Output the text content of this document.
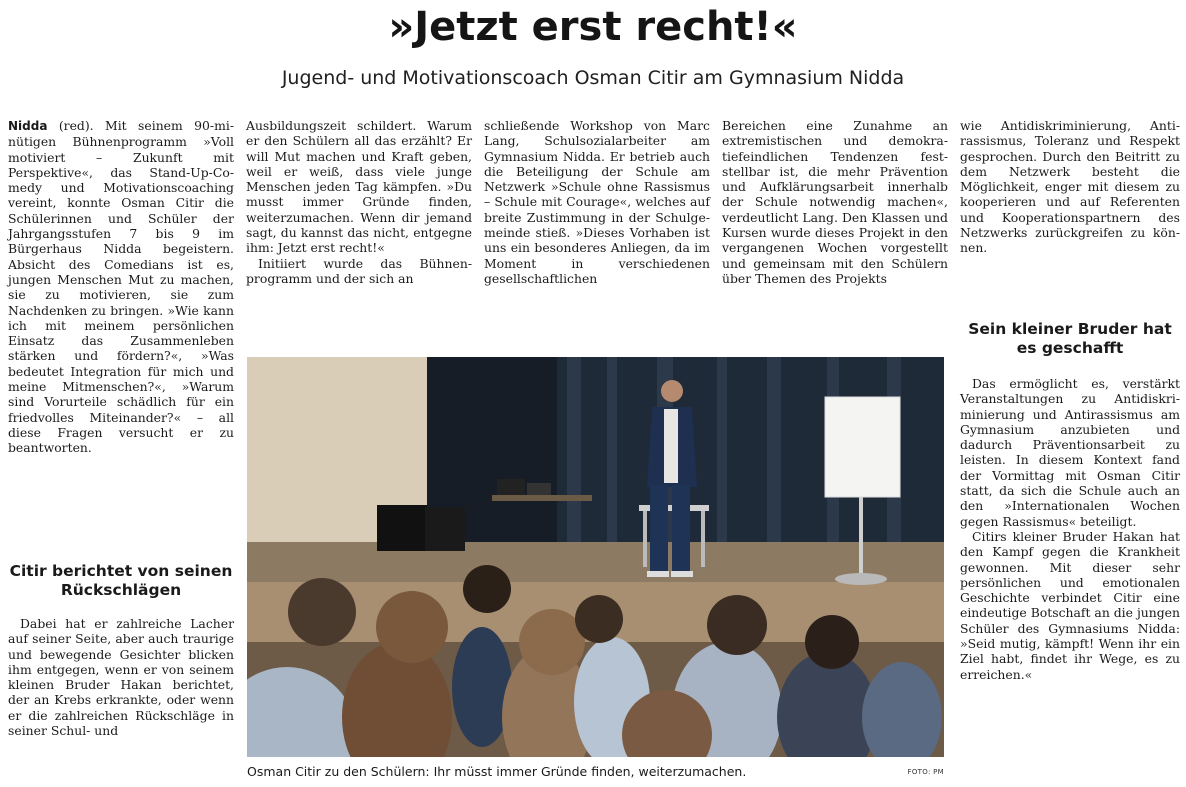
»Jetzt erst recht!«
Jugend- und Motivationscoach Osman Citir am Gymnasium Nidda

Nidda (red). Mit seinem 90-minütigen Bühnenprogramm »Voll motiviert – Zukunft mit Perspektive«, das Stand-Up-Comedy und Motivationscoaching vereint, konnte Osman Citir die Schülerinnen und Schüler der Jahrgangsstufen 7 bis 9 im Bürgerhaus Nidda begeistern. Absicht des Comedians ist es, jungen Menschen Mut zu machen, sie zu motivieren, sie zum Nachdenken zu bringen. »Wie kann ich mit meinem persönlichen Einsatz das Zusammenleben stärken und fördern?«, »Was bedeutet Integration für mich und meine Mitmenschen?«, »Warum sind Vorurteile schädlich für ein friedvolles Miteinander?« – all diese Fragen versucht er zu beantworten.

Citir berichtet von seinen Rückschlägen

Dabei hat er zahlreiche Lacher auf seiner Seite, aber auch traurige und bewegende Gesichter blicken ihm entgegen, wenn er von seinem kleinen Bruder Hakan berichtet, der an Krebs erkrankte, oder wenn er die zahlreichen Rückschläge in seiner Schul- und

Ausbildungszeit schildert. Warum er den Schülern all das erzählt? Er will Mut machen und Kraft geben, weil er weiß, dass viele junge Menschen jeden Tag kämpfen. »Du musst immer Gründe finden, weiterzumachen. Wenn dir jemand sagt, du kannst das nicht, entgegne ihm: Jetzt erst recht!«

Initiiert wurde das Bühnenprogramm und der sich an

schließende Workshop von Marc Lang, Schulsozialarbeiter am Gymnasium Nidda. Er betrieb auch die Beteiligung der Schule am Netzwerk »Schule ohne Rassismus – Schule mit Courage«, welches auf breite Zustimmung in der Schulgemeinde stieß. »Dieses Vorhaben ist uns ein besonderes Anliegen, da im Moment in verschiedenen gesellschaftlichen

Bereichen eine Zunahme an extremistischen und demokratiefeindlichen Tendenzen feststellbar ist, die mehr Prävention und Aufklärungsarbeit innerhalb der Schule notwendig machen«, verdeutlicht Lang. Den Klassen und Kursen wurde dieses Projekt in den vergangenen Wochen vorgestellt und gemeinsam mit den Schülern über Themen des Projekts

wie Antidiskriminierung, Antirassismus, Toleranz und Respekt gesprochen. Durch den Beitritt zu dem Netzwerk besteht die Möglichkeit, enger mit diesem zu kooperieren und auf Referenten und Kooperationspartnern des Netzwerks zurückgreifen zu können.

Sein kleiner Bruder hat es geschafft

Das ermöglicht es, verstärkt Veranstaltungen zu Antidiskriminierung und Antirassismus am Gymnasium anzubieten und dadurch Präventionsarbeit zu leisten. In diesem Kontext fand der Vormittag mit Osman Citir statt, da sich die Schule auch an den »Internationalen Wochen gegen Rassismus« beteiligt.

Citirs kleiner Bruder Hakan hat den Kampf gegen die Krankheit gewonnen. Mit dieser sehr persönlichen und emotionalen Geschichte verbindet Citir eine eindeutige Botschaft an die jungen Schüler des Gymnasiums Nidda: »Seid mutig, kämpft! Wenn ihr ein Ziel habt, findet ihr Wege, es zu erreichen.«

Osman Citir zu den Schülern: Ihr müsst immer Gründe finden, weiterzumachen.	FOTO: PM
